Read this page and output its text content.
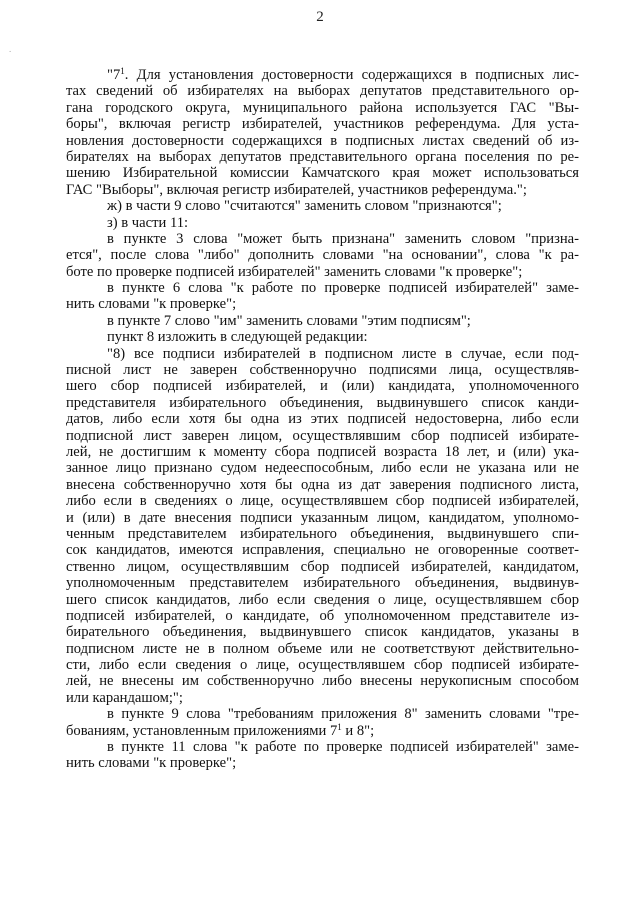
2
.
"$7^1$. Для установления достоверности содержащихся в подписных лис-
тах сведений об избирателях на выборах депутатов представительного ор-
гана городского округа, муниципального района используется ГАС "Вы-
боры", включая регистр избирателей, участников референдума. Для уста-
новления достоверности содержащихся в подписных листах сведений об из-
бирателях на выборах депутатов представительного органа поселения по ре-
шению Избирательной комиссии Камчатского края может использоваться
ГАС "Выборы", включая регистр избирателей, участников референдума.";
ж) в части 9 слово "считаются" заменить словом "признаются";
з) в части 11:
в пункте 3 слова "может быть признана" заменить словом "призна-
ется", после слова "либо" дополнить словами "на основании", слова "к ра-
боте по проверке подписей избирателей" заменить словами "к проверке";
в пункте 6 слова "к работе по проверке подписей избирателей" заме-
нить словами "к проверке";
в пункте 7 слово "им" заменить словами "этим подписям";
пункт 8 изложить в следующей редакции:
"8) все подписи избирателей в подписном листе в случае, если под-
писной лист не заверен собственноручно подписями лица, осуществляв-
шего сбор подписей избирателей, и (или) кандидата, уполномоченного
представителя избирательного объединения, выдвинувшего список канди-
датов, либо если хотя бы одна из этих подписей недостоверна, либо если
подписной лист заверен лицом, осуществлявшим сбор подписей избирате-
лей, не достигшим к моменту сбора подписей возраста 18 лет, и (или) ука-
занное лицо признано судом недееспособным, либо если не указана или не
внесена собственноручно хотя бы одна из дат заверения подписного листа,
либо если в сведениях о лице, осуществлявшем сбор подписей избирателей,
и (или) в дате внесения подписи указанным лицом, кандидатом, уполномо-
ченным представителем избирательного объединения, выдвинувшего спи-
сок кандидатов, имеются исправления, специально не оговоренные соответ-
ственно лицом, осуществлявшим сбор подписей избирателей, кандидатом,
уполномоченным представителем избирательного объединения, выдвинув-
шего список кандидатов, либо если сведения о лице, осуществлявшем сбор
подписей избирателей, о кандидате, об уполномоченном представителе из-
бирательного объединения, выдвинувшего список кандидатов, указаны в
подписном листе не в полном объеме или не соответствуют действительно-
сти, либо если сведения о лице, осуществлявшем сбор подписей избирате-
лей, не внесены им собственноручно либо внесены нерукописным способом
или карандашом;";
в пункте 9 слова "требованиям приложения 8" заменить словами "тре-
бованиям, установленным приложениями $7^1$ и 8";
в пункте 11 слова "к работе по проверке подписей избирателей" заме-
нить словами "к проверке";
